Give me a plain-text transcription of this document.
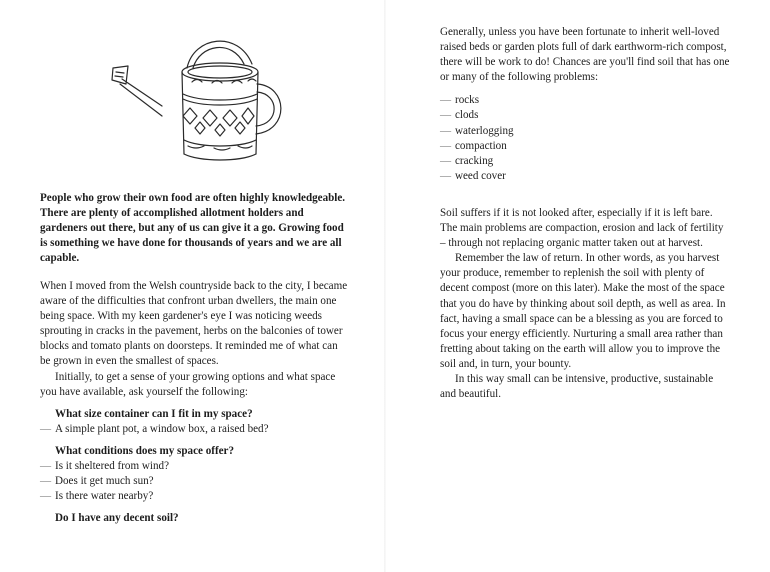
People who grow their own food are often highly knowledgeable. There are plenty of accomplished allotment holders and gardeners out there, but any of us can give it a go. Growing food is something we have done for thousands of years and we are all capable.

When I moved from the Welsh countryside back to the city, I became aware of the difficulties that confront urban dwellers, the main one being space. With my keen gardener's eye I was noticing weeds sprouting in cracks in the pavement, herbs on the balconies of tower blocks and tomato plants on doorsteps. It reminded me of what can be grown in even the smallest of spaces.

Initially, to get a sense of your growing options and what space you have available, ask yourself the following:

What size container can I fit in my space?
— A simple plant pot, a window box, a raised bed?
What conditions does my space offer?
— Is it sheltered from wind?
— Does it get much sun?
— Is there water nearby?
Do I have any decent soil?

Generally, unless you have been fortunate to inherit well-loved raised beds or garden plots full of dark earthworm-rich compost, there will be work to do! Chances are you'll find soil that has one or many of the following problems:

— rocks
— clods
— waterlogging
— compaction
— cracking
— weed cover

Soil suffers if it is not looked after, especially if it is left bare. The main problems are compaction, erosion and lack of fertility – through not replacing organic matter taken out at harvest.

Remember the law of return. In other words, as you harvest your produce, remember to replenish the soil with plenty of decent compost (more on this later). Make the most of the space that you do have by thinking about soil depth, as well as area. In fact, having a small space can be a blessing as you are forced to focus your energy efficiently. Nurturing a small area rather than fretting about taking on the earth will allow you to improve the soil and, in turn, your bounty.

In this way small can be intensive, productive, sustainable and beautiful.
